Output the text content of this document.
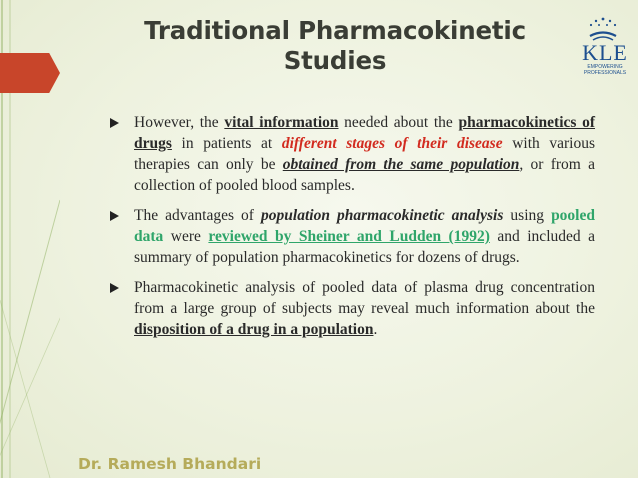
Traditional Pharmacokinetic
Studies	KLE
EMPOWERING PROFESSIONALS
However, the vital information needed about the pharmacokinetics of drugs in patients at different stages of their disease with various therapies can only be obtained from the same population, or from a collection of pooled blood samples.
The advantages of population pharmacokinetic analysis using pooled data were reviewed by Sheiner and Ludden (1992) and included a summary of population pharmacokinetics for dozens of drugs.
Pharmacokinetic analysis of pooled data of plasma drug concentration from a large group of subjects may reveal much information about the disposition of a drug in a population.
Dr. Ramesh Bhandari
